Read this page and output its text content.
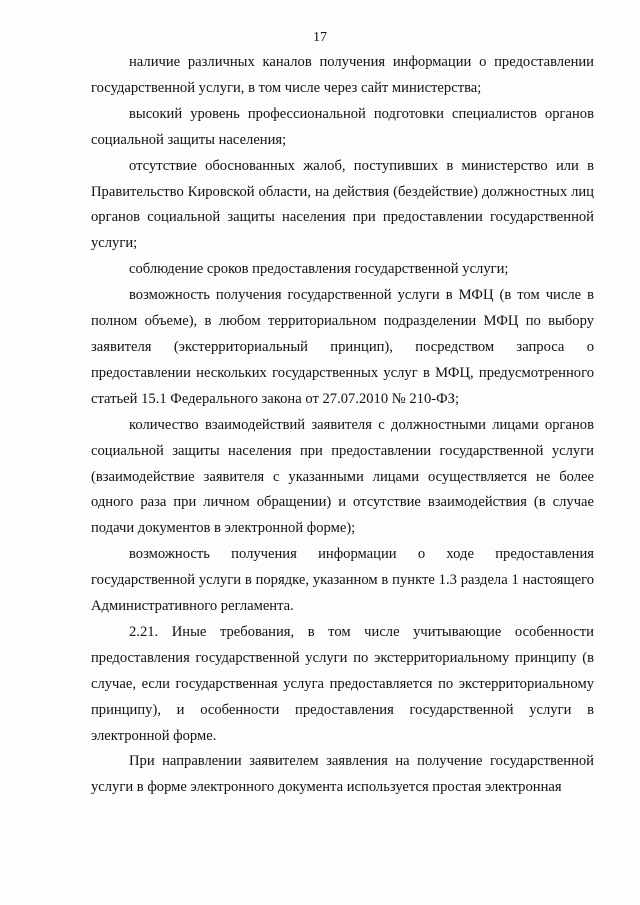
17

наличие различных каналов получения информации о предоставлении государственной услуги, в том числе через сайт министерства;

высокий уровень профессиональной подготовки специалистов органов социальной защиты населения;

отсутствие обоснованных жалоб, поступивших в министерство или в Правительство Кировской области, на действия (бездействие) должностных лиц органов социальной защиты населения при предоставлении государственной услуги;

соблюдение сроков предоставления государственной услуги;

возможность получения государственной услуги в МФЦ (в том числе в полном объеме), в любом территориальном подразделении МФЦ по выбору заявителя (экстерриториальный принцип), посредством запроса о предоставлении нескольких государственных услуг в МФЦ, предусмотренного статьей 15.1 Федерального закона от 27.07.2010 № 210-ФЗ;

количество взаимодействий заявителя с должностными лицами органов социальной защиты населения при предоставлении государственной услуги (взаимодействие заявителя с указанными лицами осуществляется не более одного раза при личном обращении) и отсутствие взаимодействия (в случае подачи документов в электронной форме);

возможность получения информации о ходе предоставления государственной услуги в порядке, указанном в пункте 1.3 раздела 1 настоящего Административного регламента.

2.21. Иные требования, в том числе учитывающие особенности предоставления государственной услуги по экстерриториальному принципу (в случае, если государственная услуга предоставляется по экстерриториальному принципу), и особенности предоставления государственной услуги в электронной форме.

При направлении заявителем заявления на получение государственной услуги в форме электронного документа используется простая электронная
